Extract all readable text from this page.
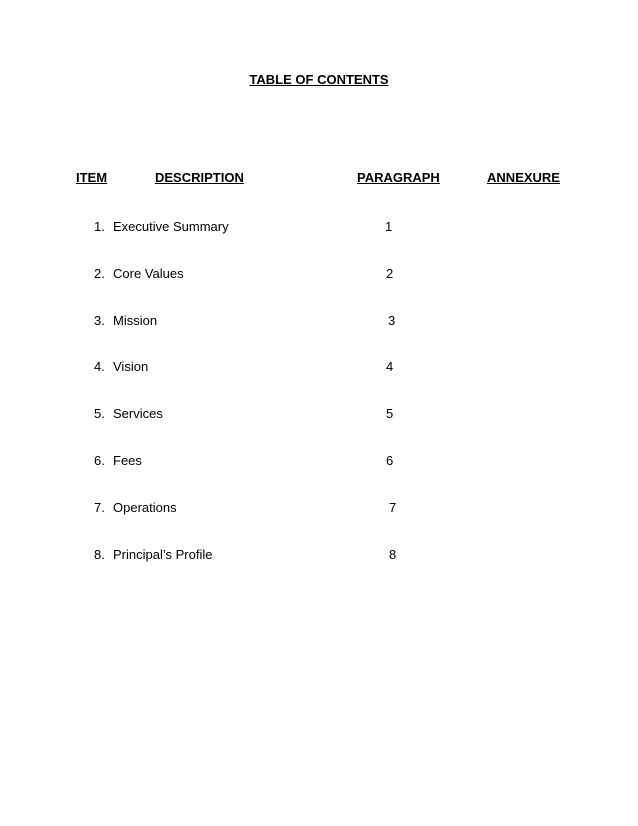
TABLE OF CONTENTS
ITEM	DESCRIPTION	PARAGRAPH	ANNEXURE
1. Executive Summary	1
2. Core Values	2
3. Mission	3
4. Vision	4
5. Services	5
6. Fees	6
7. Operations	7
8. Principal’s Profile	8
